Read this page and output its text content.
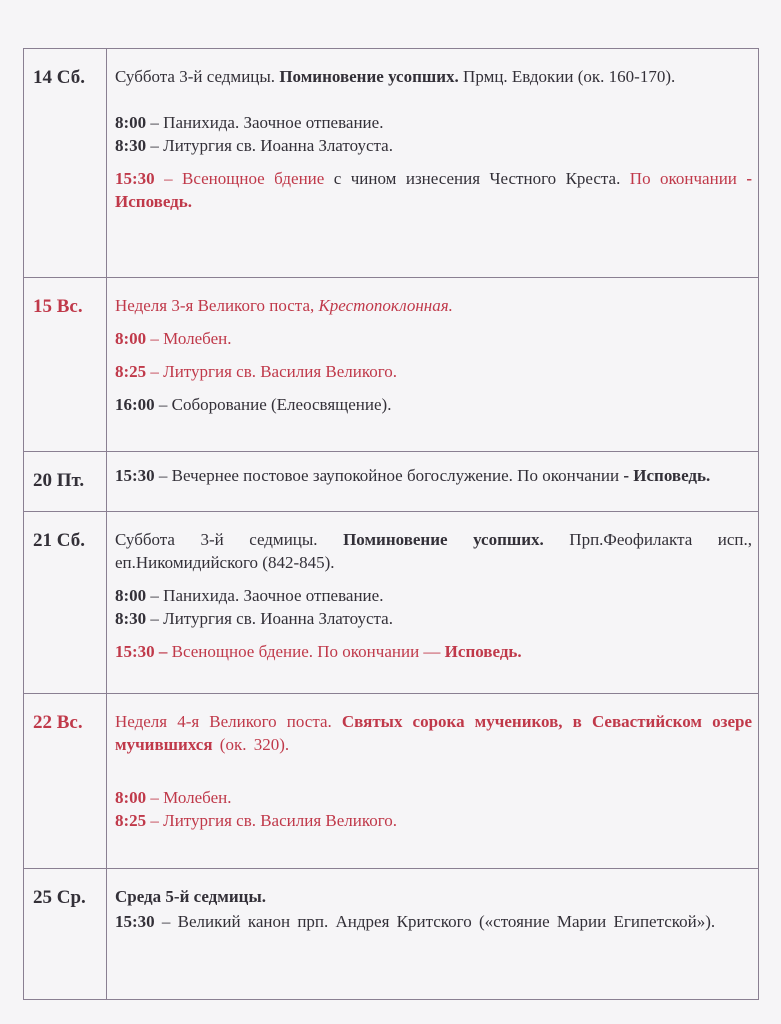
14 Сб.	Суббота 3-й седмицы. Поминовение усопших. Прмц. Евдокии (ок. 160-170).

8:00 – Панихида. Заочное отпевание.

8:30 – Литургия св. Иоанна Златоуста.

15:30 – Всенощное бдение с чином изнесения Честного Креста. По окончании - Исповедь.

15 Вс.	Неделя 3-я Великого поста, Крестопоклонная.

8:00 – Молебен.

8:25 – Литургия св. Василия Великого.

16:00 – Соборование (Елеосвящение).

20 Пт.	15:30 – Вечернее постовое заупокойное богослужение. По окончании - Исповедь.

21 Сб.	Суббота 3-й седмицы. Поминовение усопших. Прп.Феофилакта исп., еп.Никомидийского (842-845).

8:00 – Панихида. Заочное отпевание.

8:30 – Литургия св. Иоанна Златоуста.

15:30 – Всенощное бдение. По окончании — Исповедь.

22 Вс.	Неделя 4-я Великого поста. Святых сорока мучеников, в Севастийском озере мучившихся (ок. 320).

8:00 – Молебен.

8:25 – Литургия св. Василия Великого.

25 Ср.	Среда 5-й седмицы.

15:30 – Великий канон прп. Андрея Критского («стояние Марии Египетской»).
